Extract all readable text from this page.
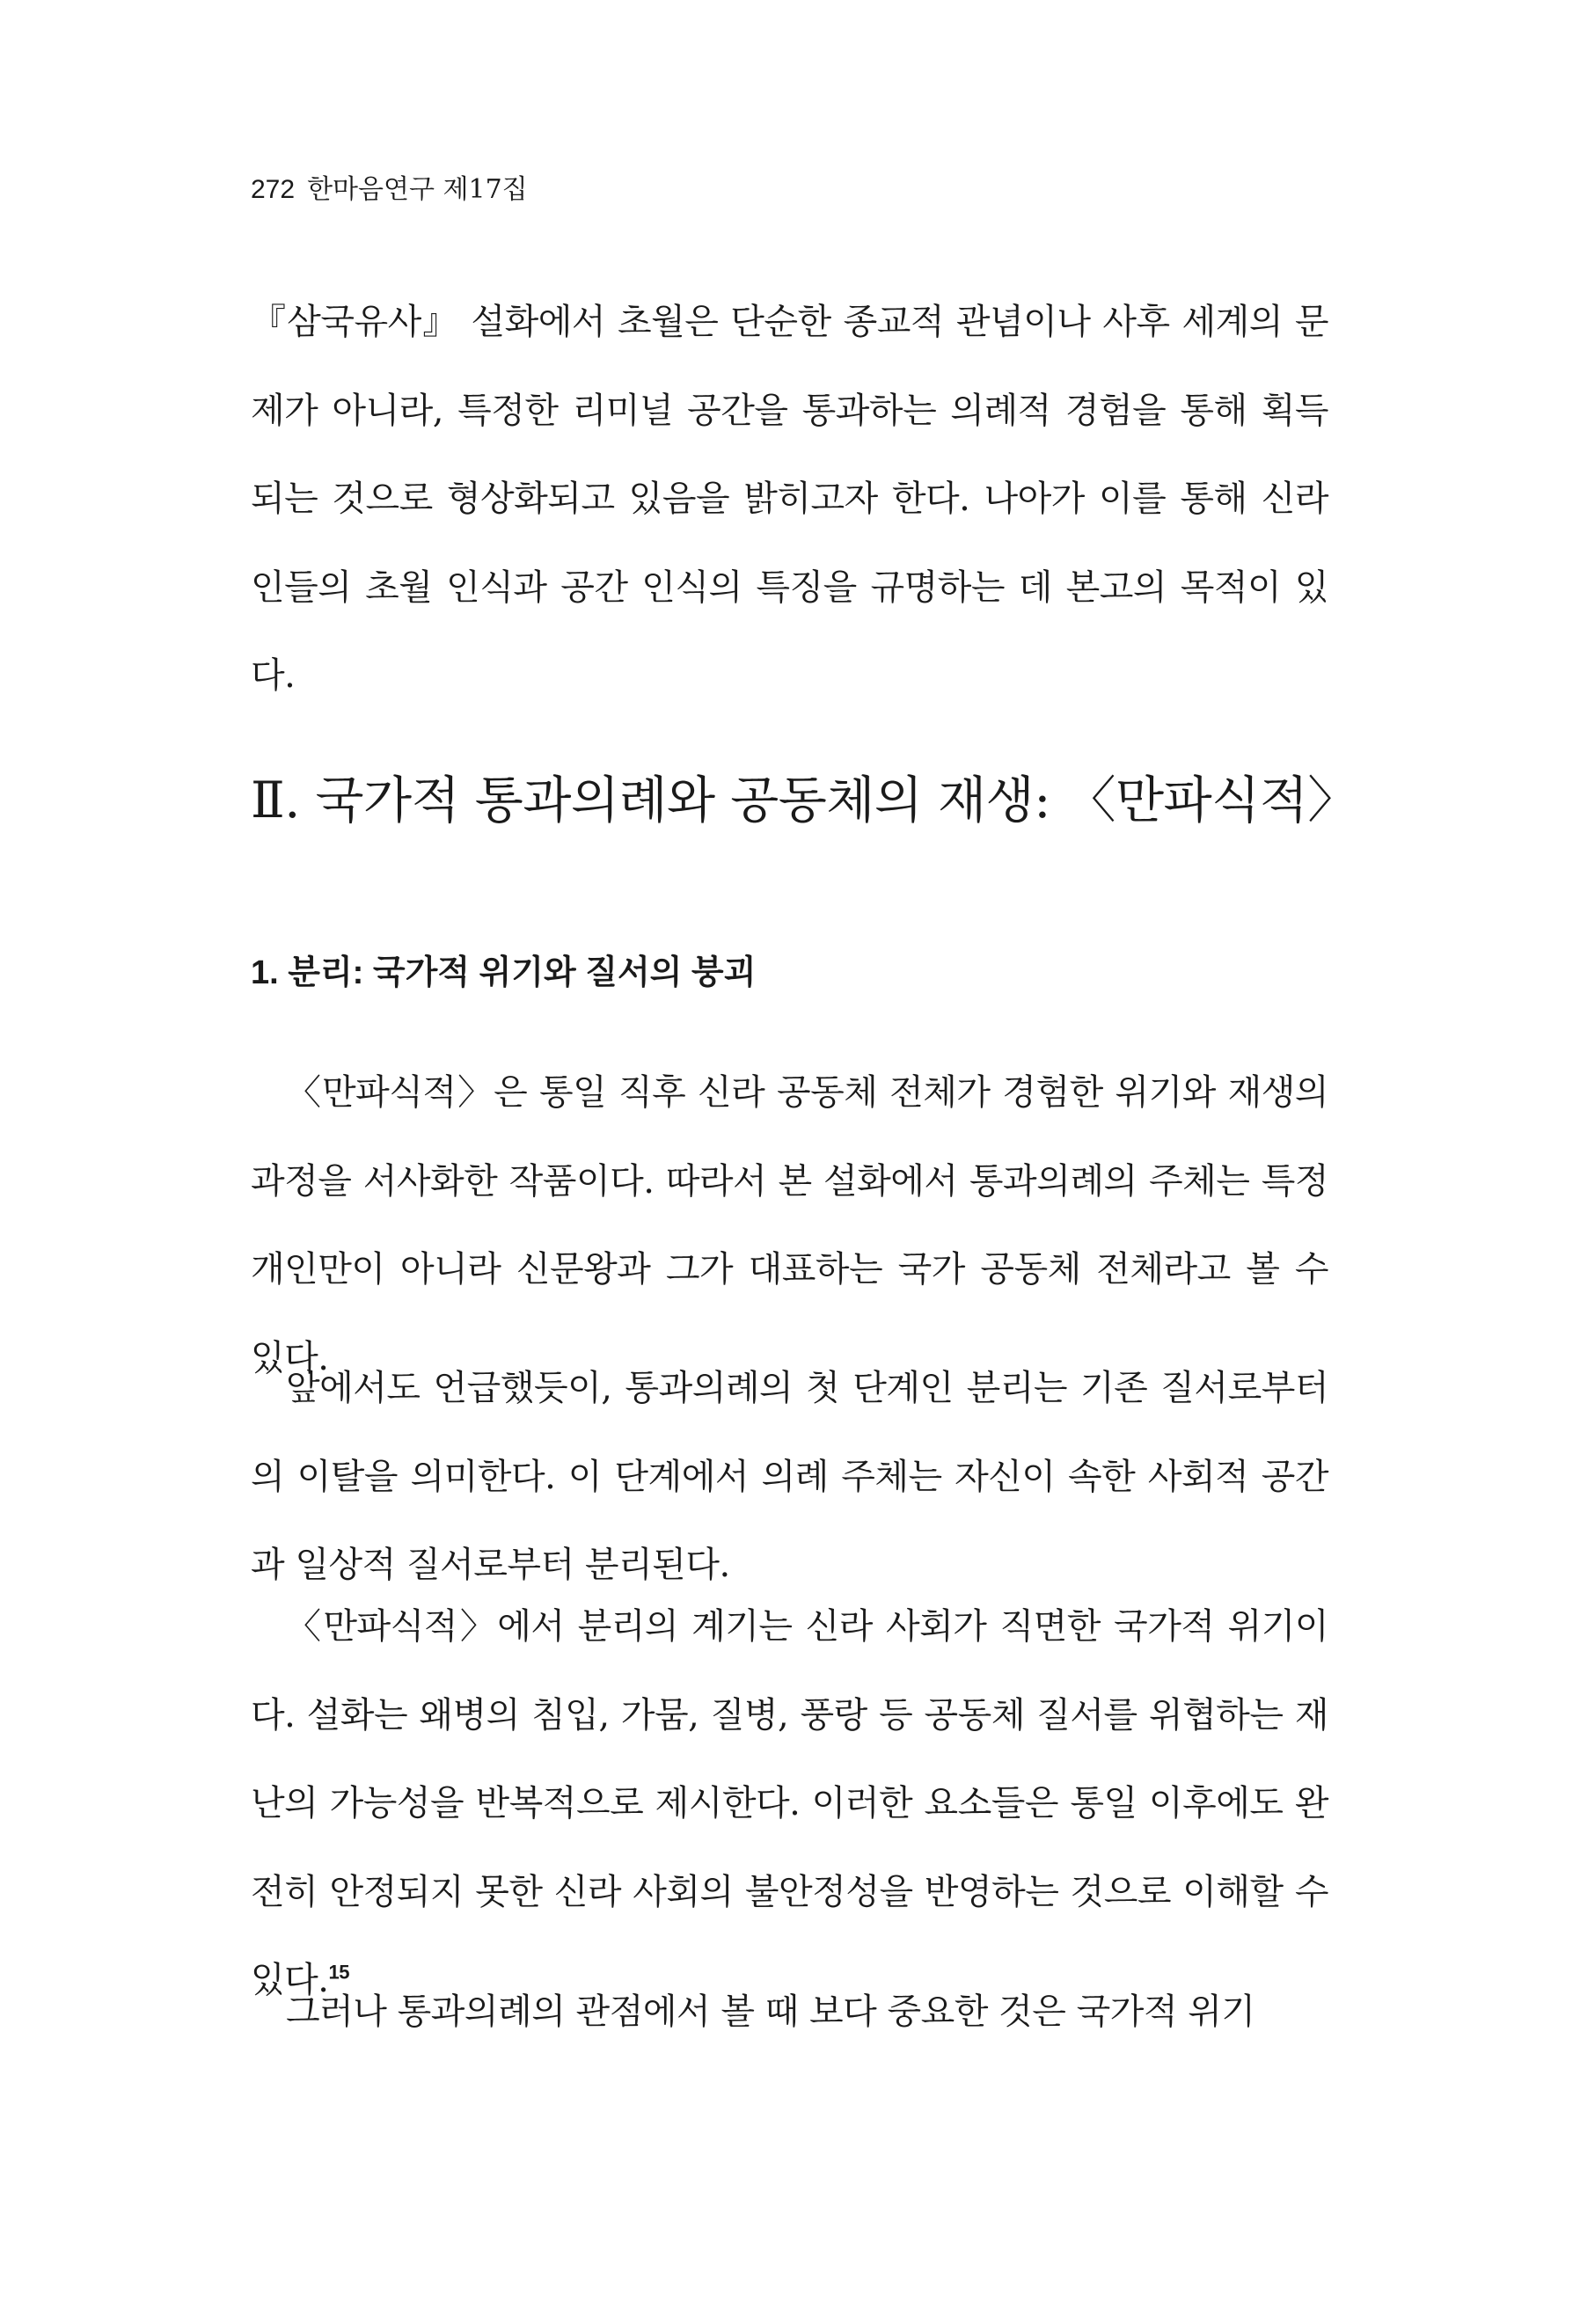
272 한마음연구 제17집

『삼국유사』 설화에서 초월은 단순한 종교적 관념이나 사후 세계의 문제가 아니라, 특정한 리미널 공간을 통과하는 의례적 경험을 통해 획득되는 것으로 형상화되고 있음을 밝히고자 한다. 나아가 이를 통해 신라인들의 초월 인식과 공간 인식의 특징을 규명하는 데 본고의 목적이 있다.

Ⅱ. 국가적 통과의례와 공동체의 재생: 〈만파식적〉
1. 분리: 국가적 위기와 질서의 붕괴

〈만파식적〉은 통일 직후 신라 공동체 전체가 경험한 위기와 재생의 과정을 서사화한 작품이다. 따라서 본 설화에서 통과의례의 주체는 특정 개인만이 아니라 신문왕과 그가 대표하는 국가 공동체 전체라고 볼 수 있다.

앞에서도 언급했듯이, 통과의례의 첫 단계인 분리는 기존 질서로부터의 이탈을 의미한다. 이 단계에서 의례 주체는 자신이 속한 사회적 공간과 일상적 질서로부터 분리된다.

〈만파식적〉에서 분리의 계기는 신라 사회가 직면한 국가적 위기이다. 설화는 왜병의 침입, 가뭄, 질병, 풍랑 등 공동체 질서를 위협하는 재난의 가능성을 반복적으로 제시한다. 이러한 요소들은 통일 이후에도 완전히 안정되지 못한 신라 사회의 불안정성을 반영하는 것으로 이해할 수 있다.$^{15}$

그러나 통과의례의 관점에서 볼 때 보다 중요한 것은 국가적 위기
